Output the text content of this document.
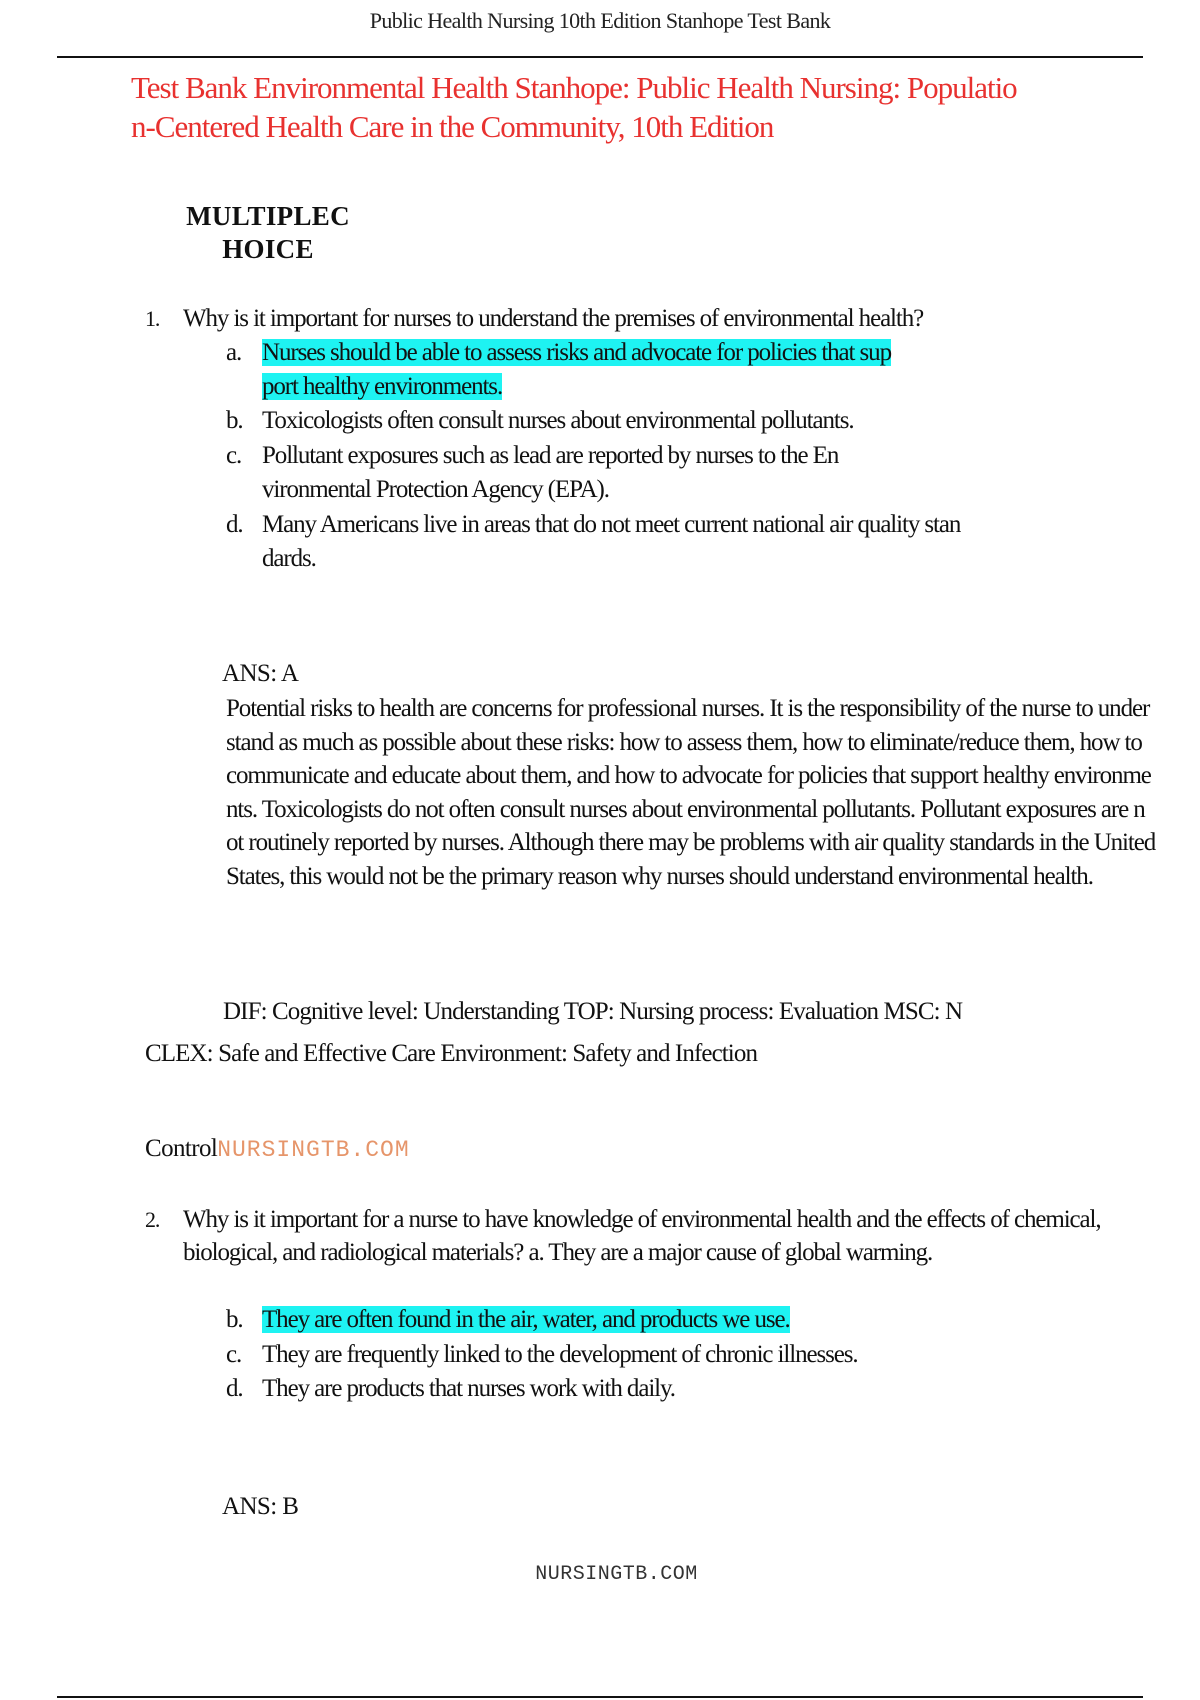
Public Health Nursing 10th Edition Stanhope Test Bank
Test Bank Environmental Health Stanhope: Public Health Nursing: Population-Centered Health Care in the Community, 10th Edition
MULTIPLEC
HOICE
1. Why is it important for nurses to understand the premises of environmental health?
a. Nurses should be able to assess risks and advocate for policies that sup
port healthy environments.
b. Toxicologists often consult nurses about environmental pollutants.
c. Pollutant exposures such as lead are reported by nurses to the En
vironmental Protection Agency (EPA).
d. Many Americans live in areas that do not meet current national air quality stan
dards.
ANS: A
Potential risks to health are concerns for professional nurses. It is the responsibility of the nurse to understand as much as possible about these risks: how to assess them, how to eliminate/reduce them, how to communicate and educate about them, and how to advocate for policies that support healthy environments. Toxicologists do not often consult nurses about environmental pollutants. Pollutant exposures are not routinely reported by nurses. Although there may be problems with air quality standards in the United States, this would not be the primary reason why nurses should understand environmental health.
DIF: Cognitive level: Understanding TOP: Nursing process: Evaluation MSC: NCLEX: Safe and Effective Care Environment: Safety and Infection
ControlNURSINGTB.COM
2. Why is it important for a nurse to have knowledge of environmental health and the effects of chemical, biological, and radiological materials? a. They are a major cause of global warming.
b. They are often found in the air, water, and products we use.
c. They are frequently linked to the development of chronic illnesses.
d. They are products that nurses work with daily.
ANS: B
NURSINGTB.COM
